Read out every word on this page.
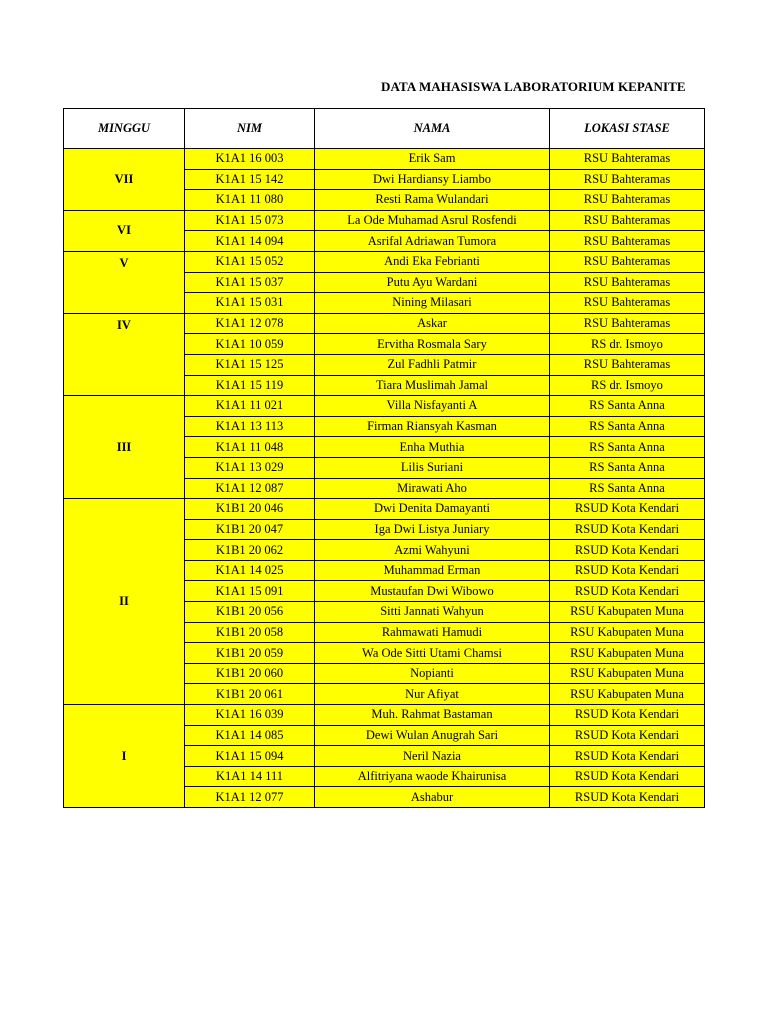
DATA MAHASISWA LABORATORIUM KEPANITE
MINGGU	NIM	NAMA	LOKASI STASE
VII	K1A1 16 003	Erik Sam	RSU Bahteramas
	K1A1 15 142	Dwi Hardiansy Liambo	RSU Bahteramas
	K1A1 11 080	Resti Rama Wulandari	RSU Bahteramas
VI	K1A1 15 073	La Ode Muhamad Asrul Rosfendi	RSU Bahteramas
	K1A1 14 094	Asrifal Adriawan Tumora	RSU Bahteramas
V	K1A1 15 052	Andi Eka Febrianti	RSU Bahteramas
	K1A1 15 037	Putu Ayu Wardani	RSU Bahteramas
	K1A1 15 031	Nining Milasari	RSU Bahteramas
IV	K1A1 12 078	Askar	RSU Bahteramas
	K1A1 10 059	Ervitha Rosmala Sary	RS dr. Ismoyo
	K1A1 15 125	Zul Fadhli Patmir	RSU Bahteramas
	K1A1 15 119	Tiara Muslimah Jamal	RS dr. Ismoyo
III	K1A1 11 021	Villa Nisfayanti A	RS Santa Anna
	K1A1 13 113	Firman Riansyah Kasman	RS Santa Anna
	K1A1 11 048	Enha Muthia	RS Santa Anna
	K1A1 13 029	Lilis Suriani	RS Santa Anna
	K1A1 12 087	Mirawati Aho	RS Santa Anna
II	K1B1 20 046	Dwi Denita Damayanti	RSUD Kota Kendari
	K1B1 20 047	Iga Dwi Listya Juniary	RSUD Kota Kendari
	K1B1 20 062	Azmi Wahyuni	RSUD Kota Kendari
	K1A1 14 025	Muhammad Erman	RSUD Kota Kendari
	K1A1 15 091	Mustaufan Dwi Wibowo	RSUD Kota Kendari
	K1B1 20 056	Sitti Jannati Wahyun	RSU Kabupaten Muna
	K1B1 20 058	Rahmawati Hamudi	RSU Kabupaten Muna
	K1B1 20 059	Wa Ode Sitti Utami Chamsi	RSU Kabupaten Muna
	K1B1 20 060	Nopianti	RSU Kabupaten Muna
	K1B1 20 061	Nur Afiyat	RSU Kabupaten Muna
I	K1A1 16 039	Muh. Rahmat Bastaman	RSUD Kota Kendari
	K1A1 14 085	Dewi Wulan Anugrah Sari	RSUD Kota Kendari
	K1A1 15 094	Neril Nazia	RSUD Kota Kendari
	K1A1 14 111	Alfitriyana waode Khairunisa	RSUD Kota Kendari
	K1A1 12 077	Ashabur	RSUD Kota Kendari
